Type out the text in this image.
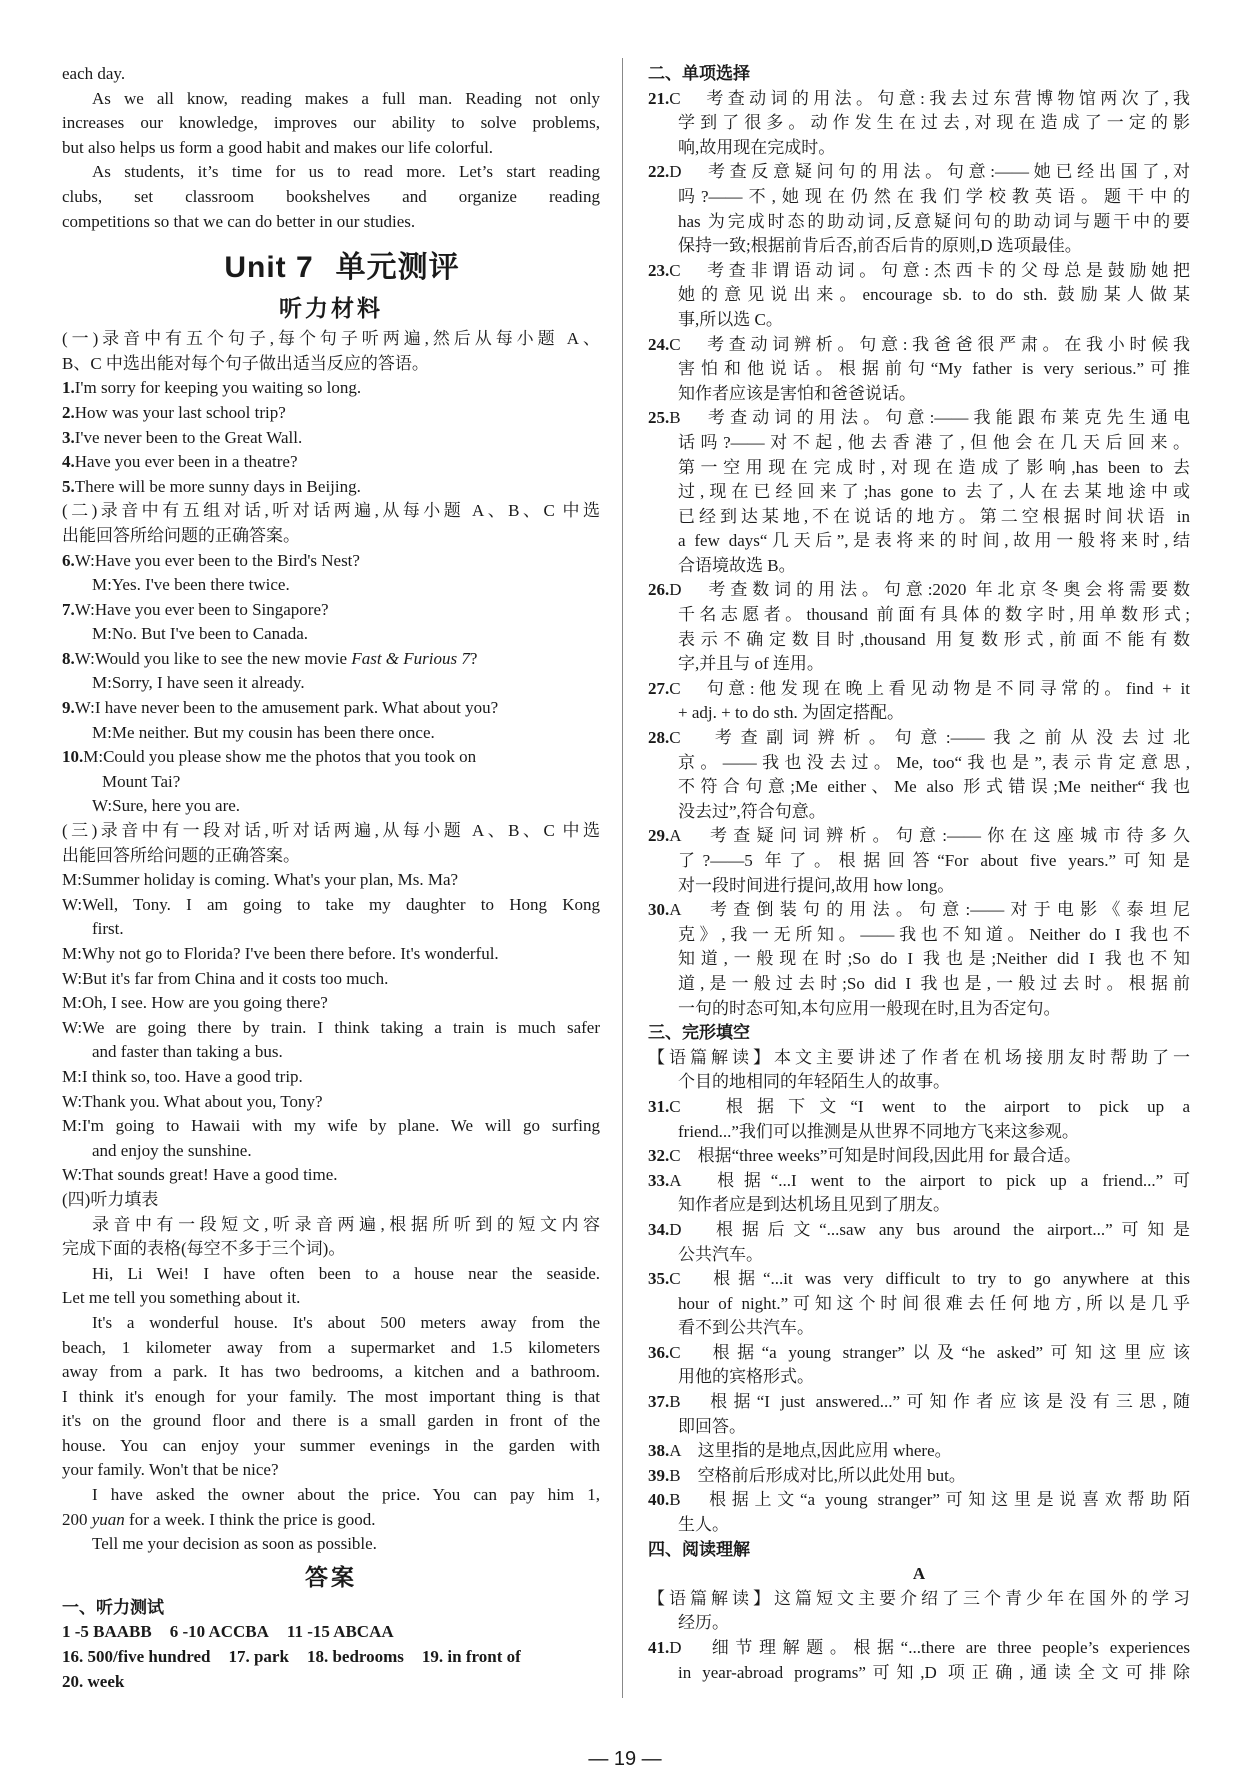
each day.
As we all know, reading makes a full man. Reading not only
increases our knowledge, improves our ability to solve problems,
but also helps us form a good habit and makes our life colorful.
As students, it’s time for us to read more. Let’s start reading
clubs, set classroom bookshelves and organize reading
competitions so that we can do better in our studies.
Unit 7 单元测评
听力材料
(一)录音中有五个句子,每个句子听两遍,然后从每小题 A、
B、C 中选出能对每个句子做出适当反应的答语。
1.I'm sorry for keeping you waiting so long.
2.How was your last school trip?
3.I've never been to the Great Wall.
4.Have you ever been in a theatre?
5.There will be more sunny days in Beijing.
(二)录音中有五组对话,听对话两遍,从每小题 A、B、C 中选
出能回答所给问题的正确答案。
6.W:Have you ever been to the Bird's Nest?
M:Yes. I've been there twice.
7.W:Have you ever been to Singapore?
M:No. But I've been to Canada.
8.W:Would you like to see the new movie Fast & Furious 7?
M:Sorry, I have seen it already.
9.W:I have never been to the amusement park. What about you?
M:Me neither. But my cousin has been there once.
10.M:Could you please show me the photos that you took on
Mount Tai?
W:Sure, here you are.
(三)录音中有一段对话,听对话两遍,从每小题 A、B、C 中选
出能回答所给问题的正确答案。
M:Summer holiday is coming. What's your plan, Ms. Ma?
W:Well, Tony. I am going to take my daughter to Hong Kong
first.
M:Why not go to Florida? I've been there before. It's wonderful.
W:But it's far from China and it costs too much.
M:Oh, I see. How are you going there?
W:We are going there by train. I think taking a train is much safer
and faster than taking a bus.
M:I think so, too. Have a good trip.
W:Thank you. What about you, Tony?
M:I'm going to Hawaii with my wife by plane. We will go surfing
and enjoy the sunshine.
W:That sounds great! Have a good time.
(四)听力填表
录音中有一段短文,听录音两遍,根据所听到的短文内容
完成下面的表格(每空不多于三个词)。
Hi, Li Wei! I have often been to a house near the seaside.
Let me tell you something about it.
It's a wonderful house. It's about 500 meters away from the
beach, 1 kilometer away from a supermarket and 1.5 kilometers
away from a park. It has two bedrooms, a kitchen and a bathroom.
I think it's enough for your family. The most important thing is that
it's on the ground floor and there is a small garden in front of the
house. You can enjoy your summer evenings in the garden with
your family. Won't that be nice?
I have asked the owner about the price. You can pay him 1,
200 yuan for a week. I think the price is good.
Tell me your decision as soon as possible.
答案
一、听力测试
1 -5 BAABB 6 -10 ACCBA 11 -15 ABCAA
16. 500/five hundred 17. park 18. bedrooms 19. in front of
20. week
二、单项选择
21.C　考查动词的用法。句意:我去过东营博物馆两次了,我
学到了很多。动作发生在过去,对现在造成了一定的影
响,故用现在完成时。
22.D　考查反意疑问句的用法。句意:——她已经出国了,对
吗?——不,她现在仍然在我们学校教英语。题干中的
has 为完成时态的助动词,反意疑问句的助动词与题干中的要
保持一致;根据前肯后否,前否后肯的原则,D 选项最佳。
23.C　考查非谓语动词。句意:杰西卡的父母总是鼓励她把
她的意见说出来。encourage sb. to do sth. 鼓励某人做某
事,所以选 C。
24.C　考查动词辨析。句意:我爸爸很严肃。在我小时候我
害怕和他说话。根据前句“My father is very serious.”可推
知作者应该是害怕和爸爸说话。
25.B　考查动词的用法。句意:——我能跟布莱克先生通电
话吗?——对不起,他去香港了,但他会在几天后回来。
第一空用现在完成时,对现在造成了影响,has been to 去
过,现在已经回来了;has gone to 去了,人在去某地途中或
已经到达某地,不在说话的地方。第二空根据时间状语 in
a few days“几天后”,是表将来的时间,故用一般将来时,结
合语境故选 B。
26.D　考查数词的用法。句意:2020 年北京冬奥会将需要数
千名志愿者。thousand 前面有具体的数字时,用单数形式;
表示不确定数目时,thousand 用复数形式,前面不能有数
字,并且与 of 连用。
27.C　句意:他发现在晚上看见动物是不同寻常的。find + it
+ adj. + to do sth. 为固定搭配。
28.C　考查副词辨析。句意:——我之前从没去过北
京。——我也没去过。Me, too“我也是”,表示肯定意思,
不符合句意;Me either、Me also 形式错误;Me neither“我也
没去过”,符合句意。
29.A　考查疑问词辨析。句意:——你在这座城市待多久
了?——5 年了。根据回答“For about five years.”可知是
对一段时间进行提问,故用 how long。
30.A　考查倒装句的用法。句意:——对于电影《泰坦尼
克》,我一无所知。——我也不知道。Neither do I 我也不
知道,一般现在时;So do I 我也是;Neither did I 我也不知
道,是一般过去时;So did I 我也是,一般过去时。根据前
一句的时态可知,本句应用一般现在时,且为否定句。
三、完形填空
【语篇解读】本文主要讲述了作者在机场接朋友时帮助了一
个目的地相同的年轻陌生人的故事。
31.C　根据下文“I went to the airport to pick up a
friend...”我们可以推测是从世界不同地方飞来这参观。
32.C　根据“three weeks”可知是时间段,因此用 for 最合适。
33.A　根据“...I went to the airport to pick up a friend...”可
知作者应是到达机场且见到了朋友。
34.D　根据后文“...saw any bus around the airport...”可知是
公共汽车。
35.C　根据“...it was very difficult to try to go anywhere at this
hour of night.”可知这个时间很难去任何地方,所以是几乎
看不到公共汽车。
36.C　根据“a young stranger”以及“he asked”可知这里应该
用他的宾格形式。
37.B　根据“I just answered...”可知作者应该是没有三思,随
即回答。
38.A　这里指的是地点,因此应用 where。
39.B　空格前后形成对比,所以此处用 but。
40.B　根据上文“a young stranger”可知这里是说喜欢帮助陌
生人。
四、阅读理解
A
【语篇解读】这篇短文主要介绍了三个青少年在国外的学习
经历。
41.D　细节理解题。根据“...there are three people’s experiences
in year-abroad programs”可知,D 项正确,通读全文可排除
— 19 —
